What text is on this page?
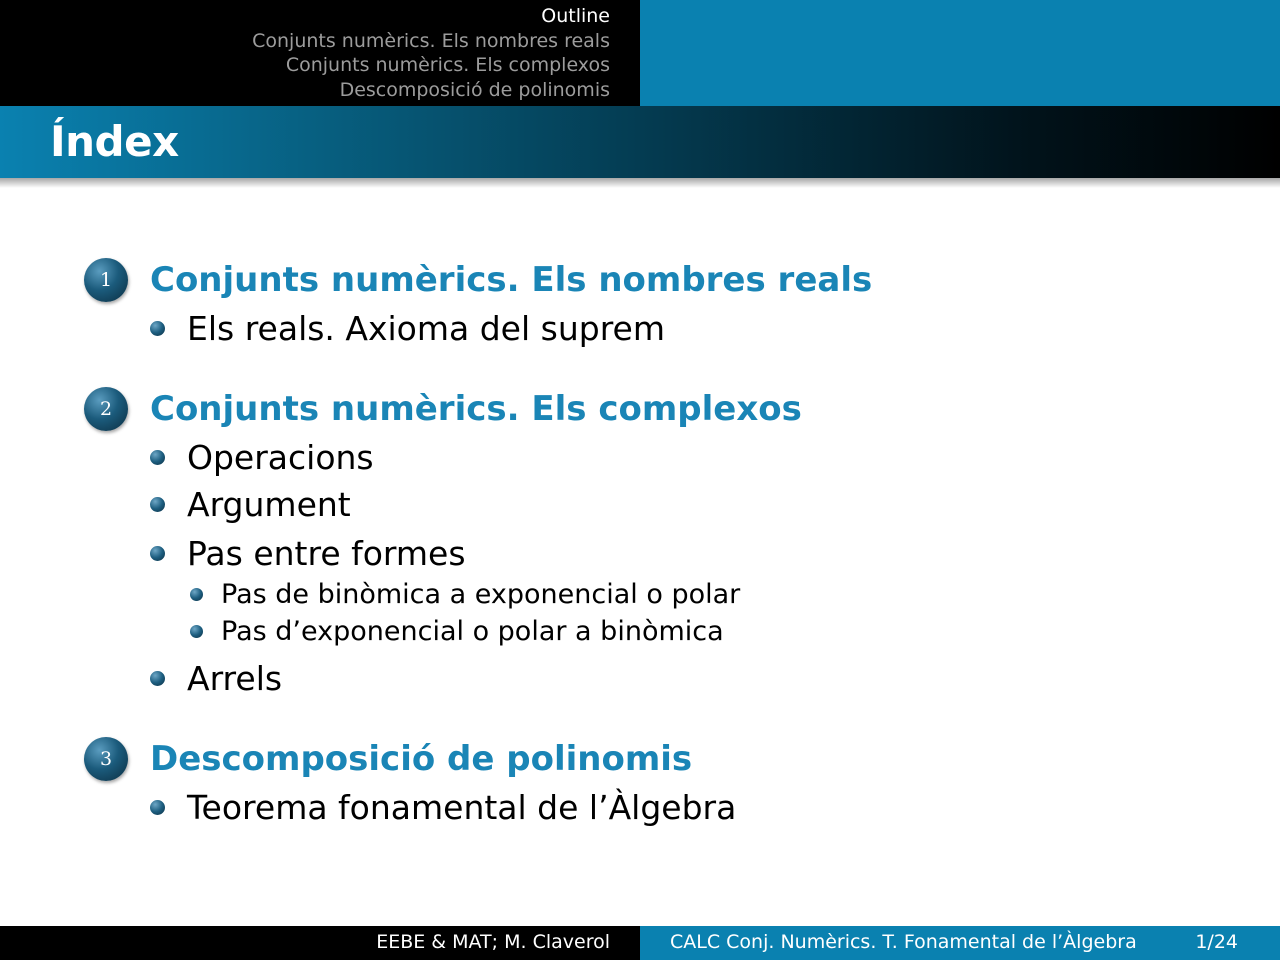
Outline
Conjunts numèrics. Els nombres reals
Conjunts numèrics. Els complexos
Descomposició de polinomis
Índex
1	Conjunts numèrics. Els nombres reals
Els reals. Axioma del suprem
2	Conjunts numèrics. Els complexos
Operacions
Argument
Pas entre formes
Pas de binòmica a exponencial o polar
Pas d’exponencial o polar a binòmica
Arrels
3	Descomposició de polinomis
Teorema fonamental de l’Àlgebra
EEBE & MAT; M. Claverol	CALC Conj. Numèrics. T. Fonamental de l’Àlgebra	1/24
